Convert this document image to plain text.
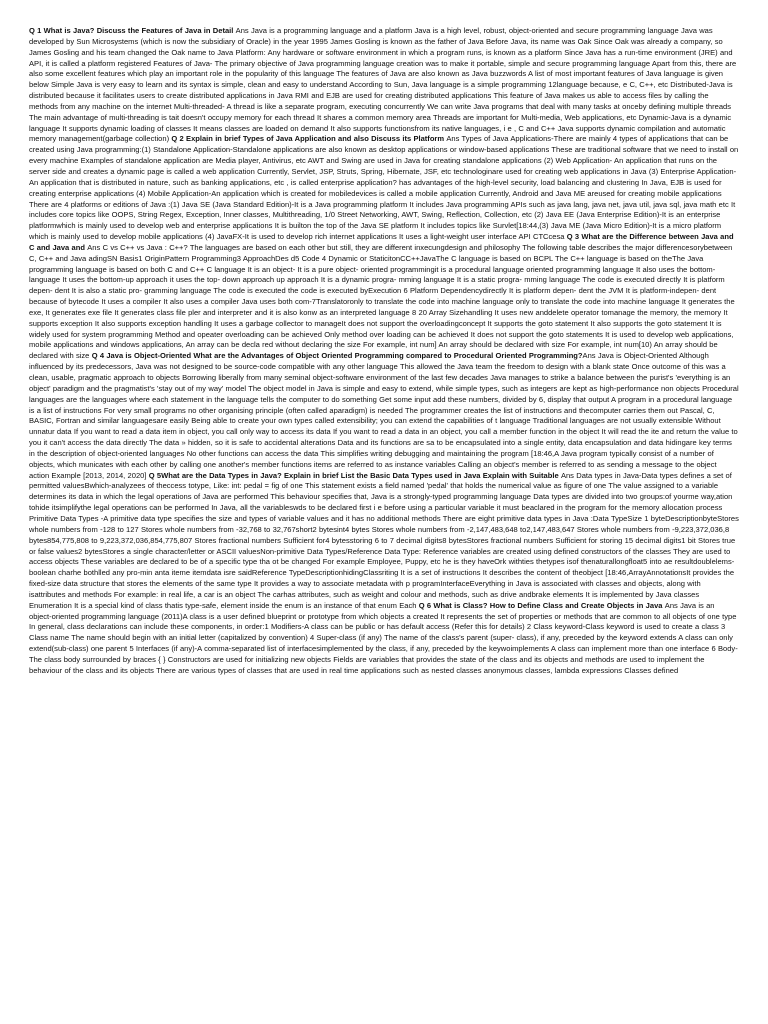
Q 1 What is Java? Discuss the Features of Java in Detail Ans Java is a programming language and a platform Java is a high level, robust, object-oriented and secure programming language Java was developed by Sun Microsystems (which is now the subsidiary of Oracle) in the year 1995 James Gosling is known as the father of Java Before Java, its name was Oak Since Oak was already a company, so James Gosling and his team changed the Oak name to Java Platform: Any hardware or software environment in which a program runs, is known as a platform Since Java has a run-time environment (JRE) and API, it is called a platform registered Features of Java- The primary objective of Java programming language creation was to make it portable, simple and secure programming language Apart from this, there are also some excellent features which play an important role in the popularity of this language The features of Java are also known as Java buzzwords A list of most important features of Java language is given below Simple Java is very easy to learn and its syntax is simple, clean and easy to understand According to Sun, Java language is a simple programming 12language because, e C, C++, etc Distributed-Java is distributed because it facilitates users to create distributed applications in Java RMI and EJB are used for creating distributed applications This feature of Java makes us able to access files by calling the methods from any machine on the internet Multi-threaded- A thread is like a separate program, executing concurrently We can write Java programs that deal with many tasks at onceby defining multiple threads The main advantage of multi-threading is tait doesn't occupy memory for each thread It shares a common memory area Threads are important for Multi-media, Web applications, etc Dynamic-Java is a dynamic language It supports dynamic loading of classes It means classes are loaded on demand It also supports functionsfrom its native languages, i e , C and C++ Java supports dynamic compilation and automatic memory management(garbage collection) Q 2 Explain in brief Types of Java Application and also Discuss its Platform Ans Types of Java Applications-There are mainly 4 types of applications that can be created using Java programming:(1) Standalone Application-Standalone applications are also known as desktop applications or window-based applications These are traditional software that we need to install on every machine Examples of standalone application are Media player, Antivirus, etc AWT and Swing are used in Java for creating standalone applications (2) Web Application- An application that runs on the server side and creates a dynamic page is called a web application Currently, Servlet, JSP, Struts, Spring, Hibernate, JSF, etc technologinare used for creating web applications in Java (3) Enterprise Application-An application that is distributed in nature, such as banking applications, etc , is called enterprise application? has advantages of the high-level security, load balancing and clustering In Java, EJB is used for creating enterprise applications (4) Mobile Application-An application which is created for mobiledevices is called a mobile application Currently, Android and Java ME areused for creating mobile applications There are 4 platforms or editions of Java :(1) Java SE (Java Standard Edition)-It is a Java programming platform It includes Java programming APIs such as java lang, java net, java util, java sql, java math etc It includes core topics like OOPS, String Regex, Exception, Inner classes, Multithreading, 1/0 Street Networking, AWT, Swing, Reflection, Collection, etc (2) Java EE (Java Enterprise Edition)-It is an enterprise platformwhich is mainly used to develop web and enterprise applications It is builton the top of the Java SE platform It includes topics like Survlet[18:44,(3) Java ME (Java Micro Edition)-It is a micro platform which is mainly used to develop mobile applications (4) JavaFX-It is used to develop rich internet applications It uses a light-weight user interface API CTCcesa Q 3 What are the Difference between Java and C and Java and Ans C vs C++ vs Java : C++? The languages are based on each other but still, they are different inxecungdesign and philosophy The following table describes the major differencesorybetween C, C++ and Java adingSN Basis1 OriginPattern Programming3 ApproachDes d5 Code 4 Dynamic or StaticitonCC++JavaThe C language is based on BCPL The C++ language is based on theThe Java programming language is based on both C and C++ C language It is an object- It is a pure object- oriented programmingit is a procedural language oriented programming language It also uses the bottom-language It uses the bottom-up approach it uses the top- down approach up approach It is a dynamic progra- mming language It is a static progra- mming language The code is executed directly It is platform depen- dent It is also a static pro- gramming language The code is executed the code is executed byExecution 6 Platform Dependencydirectly It is platform depen- dent the JVM It is platform-indepen- dent because of bytecode It uses a compiler It also uses a compiler Java uses both com-7Translatoronly to translate the code into machine language only to translate the code into machine language It generates the exe, It generates exe file It generates class file pler and interpreter and it is also konw as an interpreted language 8 20 Array Sizehandling It uses new anddelete operator tomanage the memory, the memory It supports exception It also supports exception handling It uses a garbage collector to manageIt does not support the overloadingconcept It supports the goto statement It also supports the goto statement It is widely used for system programming Method and opeater overloading can be achieved Only method over loading can be achieved It does not support the goto statements It is used to develop web applications, mobile applications and windows applications, An array can be decla red without declaring the size For example, int num] An array should be declared with size For example, int num[10) An array should be declared with size Q 4 Java is Object-Oriented What are the Advantages of Object Oriented Programming compared to Procedural Oriented Programming?Ans Java is Object-Oriented Although influenced by its predecessors, Java was not designed to be source-code compatible with any other language This allowed the Java team the freedom to design with a blank state Once outcome of this was a clean, usable, pragmatic approach to objects Borrowing liberally from many seminal object-software environment of the last few decades Java manages to strike a balance between the purist's 'everything is an object' paradigm and the pragmatist's 'stay out of my way' model The object model in Java is simple and easy to extend, while simple types, such as integers are kept as high-performance non objects Procedural languages are the languages where each statement in the language tells the computer to do something Get some input add these numbers, divided by 6, display that output A program in a procedural language is a list of instructions For very small programs no other organising principle (often called aparadigm) is needed The programmer creates the list of instructions and thecomputer carries them out Pascal, C, BASIC, Fortran and similar languagesare easily Being able to create your own types called extensibility; you can extend the capabilities of t language Traditional languages are not usually extensible Without unnatur data If you want to read a data item in object, you call only way to access its data If you want to read a data in an object, you call a member function in the object It will read the ite and return the value to you it can't access the data directly The data » hidden, so it is safe to accidental alterations Data and its functions are sa to be encapsulated into a single entity, data encapsulation and data hidingare key terms in the description of object-oriented languages No other functions can access the data This simplifies writing debugging and maintaining the program [18:46,A Java program typically consist of a number of objects, which municates with each other by calling one another's member functions items are referred to as instance variables Calling an object's member is referred to as sending a message to the object action Example [2013, 2014, 2020] Q 5What are the Data Types in Java? Explain in brief List the Basic Data Types used in Java Explain with Suitable Ans Data types in Java-Data types defines a set of permitted valuesBwhich-analyzees of theccess totype, Like: int: pedal = fig of one This statement exists a field named 'pedal' that holds the numerical value as figure of one The value assigned to a variable determines its data in which the legal operations of Java are performed This behaviour specifies that, Java is a strongly-typed programming language Data types are divided into two groups:of yourme way,ation tohide itsimplifythe legal operations can be performed In Java, all the variableswds to be declared first i e before using a particular variable it must beaclared in the program for the memory allocation process Primitive Data Types -A primitive data type specifies the size and types of variable values and it has no additional methods There are eight primitive data types in Java :Data TypeSize 1 byteDescriptionbyteStores whole numbers from -128 to 127 Stores whole numbers from -32,768 to 32,767short2 bytesint4 bytes Stores whole numbers from -2,147,483,648 to2,147,483,647 Stores whole numbers from -9,223,372,036,8 bytes854,775,808 to 9,223,372,036,854,775,807 Stores fractional numbers Sufficient for4 bytesstoring 6 to 7 decimal digits8 bytesStores fractional numbers Sufficient for storing 15 decimal digits1 bit Stores true or false values2 bytesStores a single character/letter or ASCII valuesNon-primitive Data Types/Reference Data Type: Reference variables are created using defined constructors of the classes They are used to access objects These variables are declared to be of a specific type tha ot be changed For example Employee, Puppy, etc he is they haveOrk withties thetypes isof thenaturallongfloat5 into ae resultdoublelems-boolean charhe bothlled any pro-min anta iteme itemdata isre saidReference TypeDescriptionhidingClassriting It is a set of instructions It describes the content of theobject [18:46,ArrayAnnotationsIt provides the fixed-size data structure that stores the elements of the same type It provides a way to associate metadata with p programInterfaceEverything in Java is associated with classes and objects, along with isattributes and methods For example: in real life, a car is an object The carhas attributes, such as weight and colour and methods, such as drive andbrake elements It is implemented by Java classes Enumeration It is a special kind of class thatis type-safe, element inside the enum is an instance of that enum Each Q 6 What is Class? How to Define Class and Create Objects in Java Ans Java is an object-oriented programming language (2011)A class is a user defined blueprint or prototype from which objects a created It represents the set of properties or methods that are common to all objects of one type In general, class declarations can include these components, in order:1 Modifiers-A class can be public or has default access (Refer this for details) 2 Class keyword-Class keyword is used to create a class 3 Class name The name should begin with an initial letter (capitalized by convention) 4 Super-class (if any) The name of the class's parent (super- class), if any, preceded by the keyword extends A class can only extend(sub-class) one parent 5 Interfaces (if any)-A comma-separated list of interfacesimplemented by the class, if any, preceded by the keywoimplements A class can implement more than one interface 6 Body-The class body surrounded by braces { } Constructors are used for initializing new objects Fields are variables that provides the state of the class and its objects and methods are used to implement the behaviour of the class and its objects There are various types of classes that are used in real time applications such as nested classes anonymous classes, lambda expressions Classes defined
